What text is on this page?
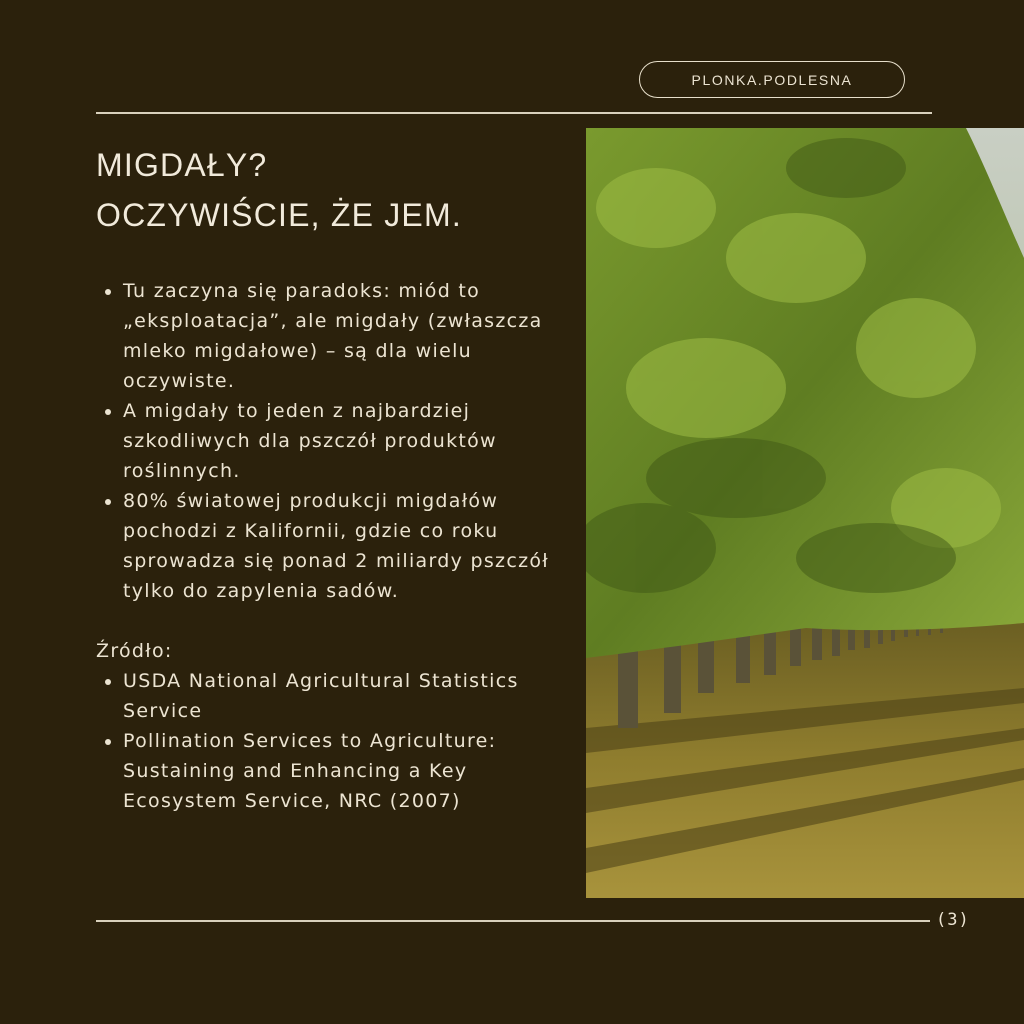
PLONKA.PODLESNA
MIGDAŁY?
OCZYWIŚCIE, ŻE JEM.
• Tu zaczyna się paradoks: miód to „eksploatacja”, ale migdały (zwłaszcza mleko migdałowe) – są dla wielu oczywiste.
• A migdały to jeden z najbardziej szkodliwych dla pszczół produktów roślinnych.
• 80% światowej produkcji migdałów pochodzi z Kalifornii, gdzie co roku sprowadza się ponad 2 miliardy pszczół tylko do zapylenia sadów.
Źródło:
• USDA National Agricultural Statistics Service
• Pollination Services to Agriculture: Sustaining and Enhancing a Key Ecosystem Service, NRC (2007)
(3)
